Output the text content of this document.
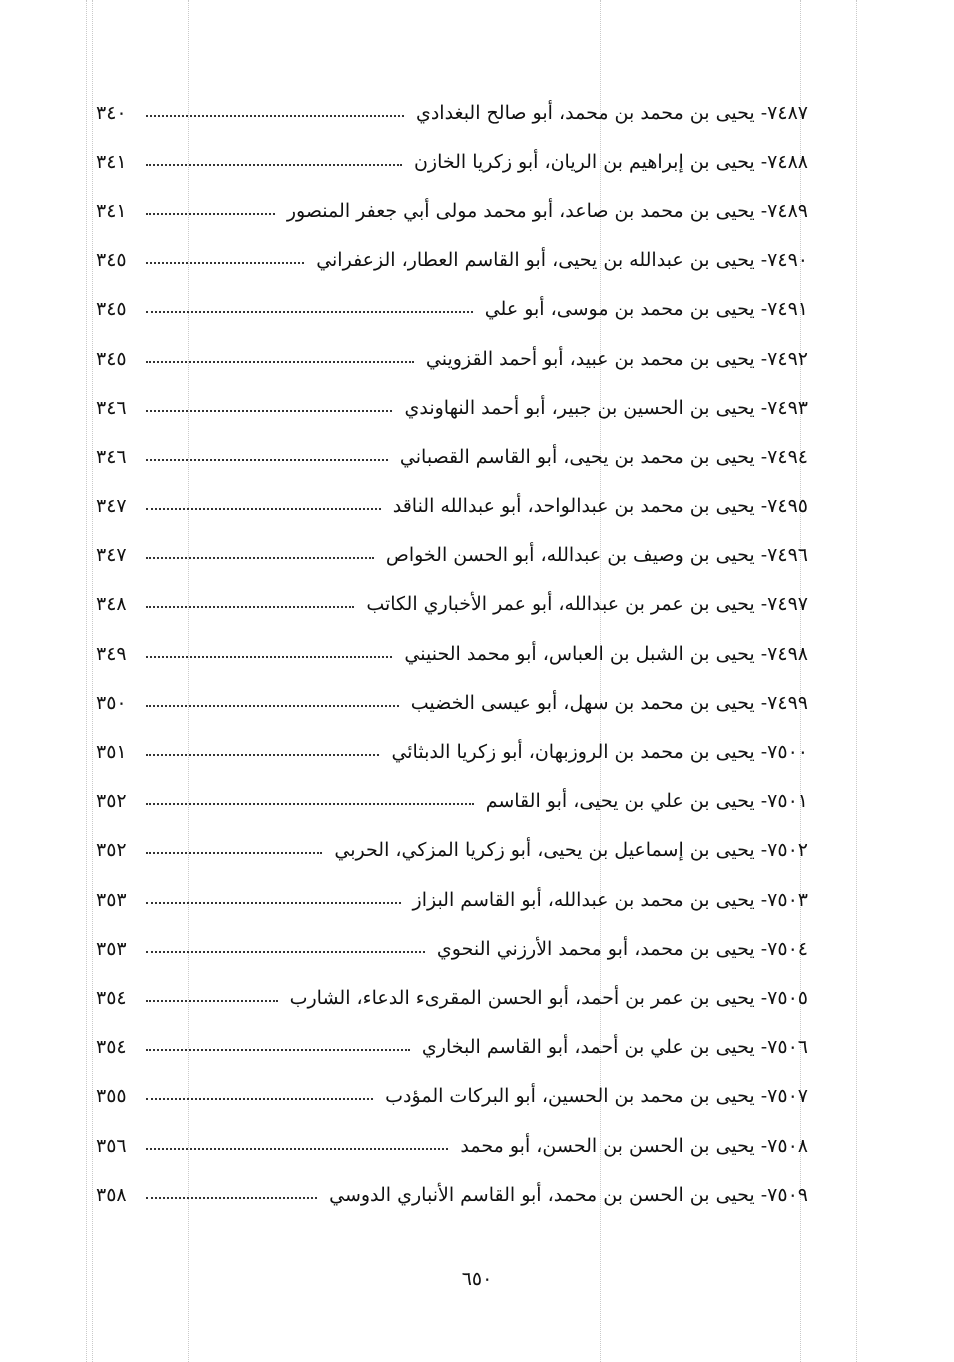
٣٤٠	٧٤٨٧- يحيى بن محمد بن محمد، أبو صالح البغدادي
٣٤١	٧٤٨٨- يحيى بن إبراهيم بن الريان، أبو زكريا الخازن
٣٤١	٧٤٨٩- يحيى بن محمد بن صاعد، أبو محمد مولى أبي جعفر المنصور
٣٤٥	٧٤٩٠- يحيى بن عبدالله بن يحيى، أبو القاسم العطار، الزعفراني
٣٤٥	٧٤٩١- يحيى بن محمد بن موسى، أبو علي
٣٤٥	٧٤٩٢- يحيى بن محمد بن عبيد، أبو أحمد القزويني
٣٤٦	٧٤٩٣- يحيى بن الحسين بن جبير، أبو أحمد النهاوندي
٣٤٦	٧٤٩٤- يحيى بن محمد بن يحيى، أبو القاسم القصباني
٣٤٧	٧٤٩٥- يحيى بن محمد بن عبدالواحد، أبو عبدالله الناقد
٣٤٧	٧٤٩٦- يحيى بن وصيف بن عبدالله، أبو الحسن الخواص
٣٤٨	٧٤٩٧- يحيى بن عمر بن عبدالله، أبو عمر الأخباري الكاتب
٣٤٩	٧٤٩٨- يحيى بن الشبل بن العباس، أبو محمد الحنيني
٣٥٠	٧٤٩٩- يحيى بن محمد بن سهل، أبو عيسى الخضيب
٣٥١	٧٥٠٠- يحيى بن محمد بن الروزبهان، أبو زكريا الدبثائي
٣٥٢	٧٥٠١- يحيى بن علي بن يحيى، أبو القاسم
٣٥٢	٧٥٠٢- يحيى بن إسماعيل بن يحيى، أبو زكريا المزكي، الحربي
٣٥٣	٧٥٠٣- يحيى بن محمد بن عبدالله، أبو القاسم البزاز
٣٥٣	٧٥٠٤- يحيى بن محمد، أبو محمد الأرزني النحوي
٣٥٤	٧٥٠٥- يحيى بن عمر بن أحمد، أبو الحسن المقرىء الدعاء، الشارب
٣٥٤	٧٥٠٦- يحيى بن علي بن أحمد، أبو القاسم البخاري
٣٥٥	٧٥٠٧- يحيى بن محمد بن الحسين، أبو البركات المؤدب
٣٥٦	٧٥٠٨- يحيى بن الحسن بن الحسن، أبو محمد
٣٥٨	٧٥٠٩- يحيى بن الحسن بن محمد، أبو القاسم الأنباري الدوسي
٦٥٠
